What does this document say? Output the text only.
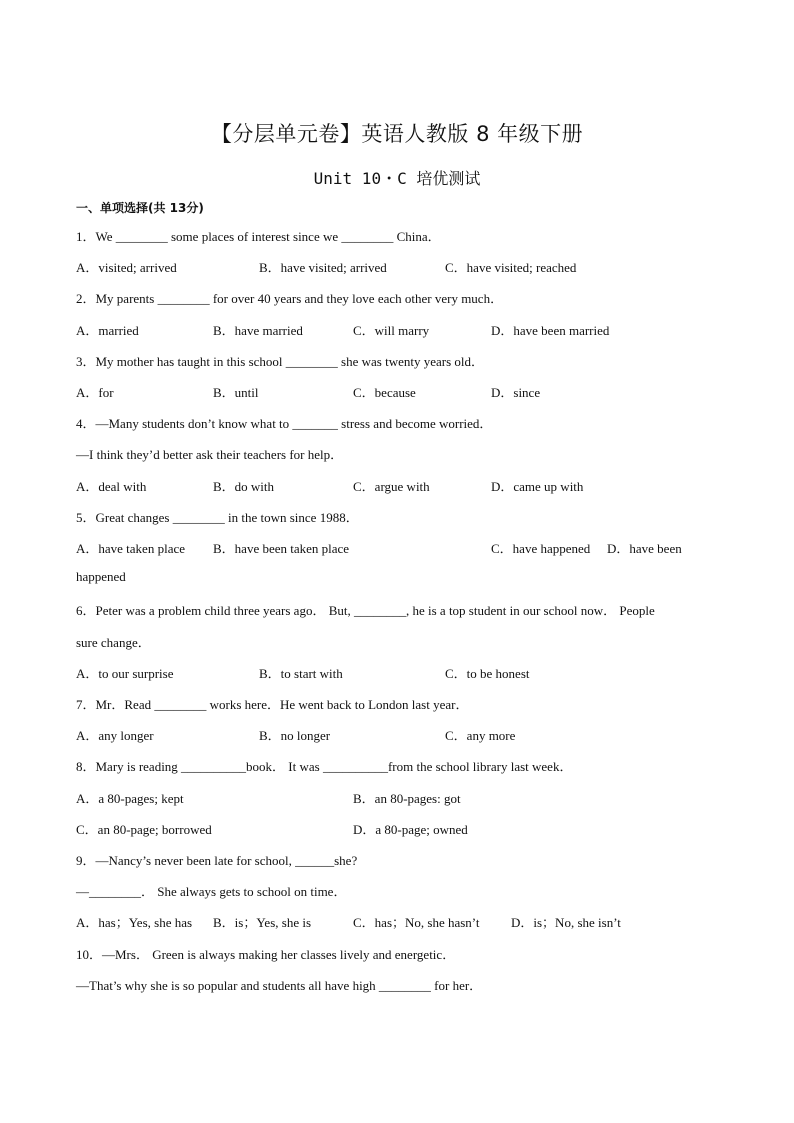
【分层单元卷】英语人教版 8 年级下册
Unit 10・C 培优测试
一、单项选择(共 13分)
1．We ________ some places of interest since we ________ China．
A．visited; arrived	B．have visited; arrived	C．have visited; reached
2．My parents ________ for over 40 years and they love each other very much．
A．married	B．have married	C．will marry	D．have been married
3．My mother has taught in this school ________ she was twenty years old．
A．for	B．until	C．because	D．since
4．—Many students don’t know what to _______ stress and become worried．
—I think they’d better ask their teachers for help．
A．deal with	B．do with	C．argue with	D．came up with
5．Great changes ________ in the town since 1988．
A．have taken place B．have been taken place	C．have happened D．have been
happened
6．Peter was a problem child three years ago． But, ________, he is a top student in our school now． People
sure change．
A．to our surprise	B．to start with	C．to be honest
7．Mr．Read ________ works here．He went back to London last year．
A．any longer	B．no longer	C．any more
8．Mary is reading __________book． It was __________from the school library last week．
A．a 80-pages; kept	B．an 80-pages: got
C．an 80-page; borrowed	D．a 80-page; owned
9．—Nancy’s never been late for school, ______she?
—________． She always gets to school on time．
A．has；Yes, she has B．is；Yes, she is	C．has；No, she hasn’t D．is；No, she isn’t
10．—Mrs． Green is always making her classes lively and energetic．
—That’s why she is so popular and students all have high ________ for her．
